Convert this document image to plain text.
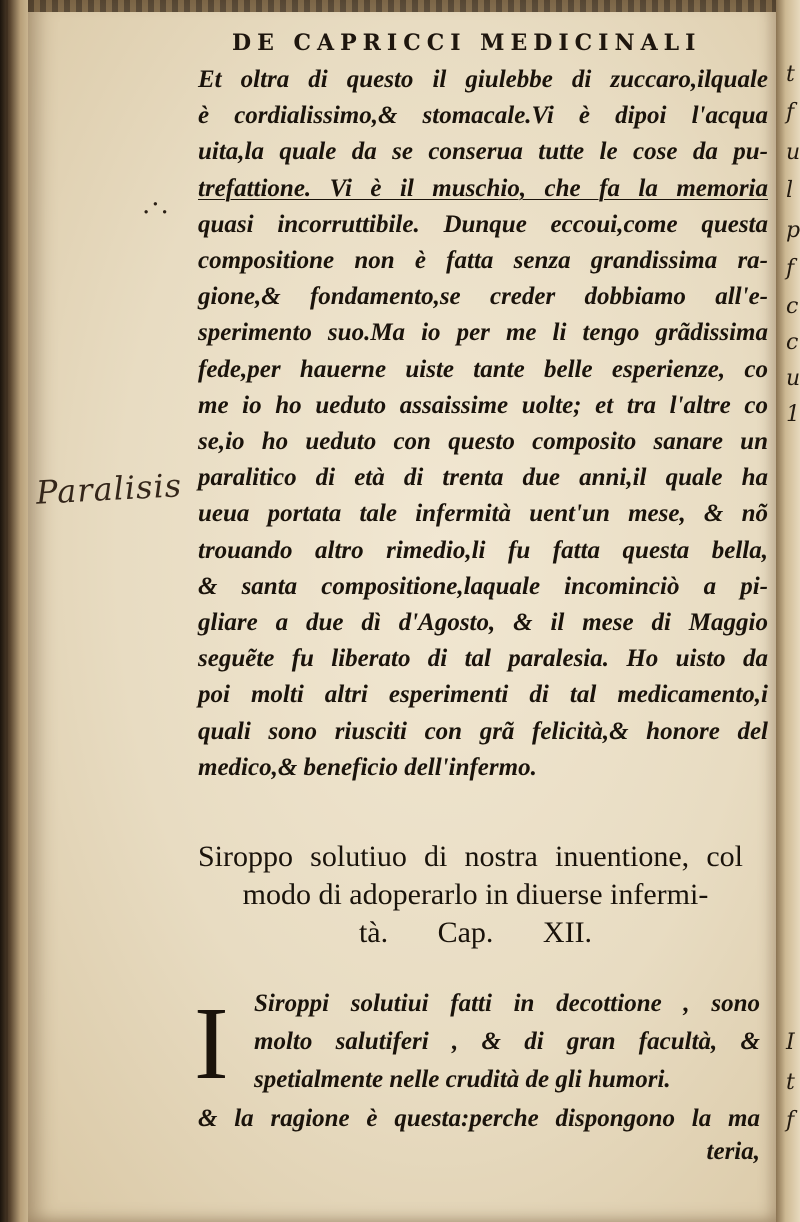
t
f
u
l
p
f
c
c
u
1
I
t
f
DE CAPRICCI MEDICINALI
.·.
Paralisis
Et oltra di questo il giulebbe di zuccaro,ilquale
è cordialissimo,& stomacale.Vi è dipoi l'acqua
uita,la quale da se conserua tutte le cose da pu-
trefattione. Vi è il muschio, che fa la memoria
quasi incorruttibile. Dunque eccoui,come questa
compositione non è fatta senza grandissima ra-
gione,& fondamento,se creder dobbiamo all'e-
sperimento suo.Ma io per me li tengo grãdissima
fede,per hauerne uiste tante belle esperienze, co
me io ho ueduto assaissime uolte; et tra l'altre co
se,io ho ueduto con questo composito sanare un
paralitico di età di trenta due anni,il quale ha
ueua portata tale infermità uent'un mese, & nõ
trouando altro rimedio,li fu fatta questa bella,
& santa compositione,laquale incominciò a pi-
gliare a due dì d'Agosto, & il mese di Maggio
seguẽte fu liberato di tal paralesia. Ho uisto da
poi molti altri esperimenti di tal medicamento,i
quali sono riusciti con grã felicità,& honore del
medico,& beneficio dell'infermo.
Siroppo solutiuo di nostra inuentione, col
modo di adoperarlo in diuerse infermi-
tà. Cap. XII.
I Siroppi solutiui fatti in decottione , sono
molto salutiferi , & di gran facultà, &
spetialmente nelle crudità de gli humori.
& la ragione è questa:perche dispongono la ma
teria,
